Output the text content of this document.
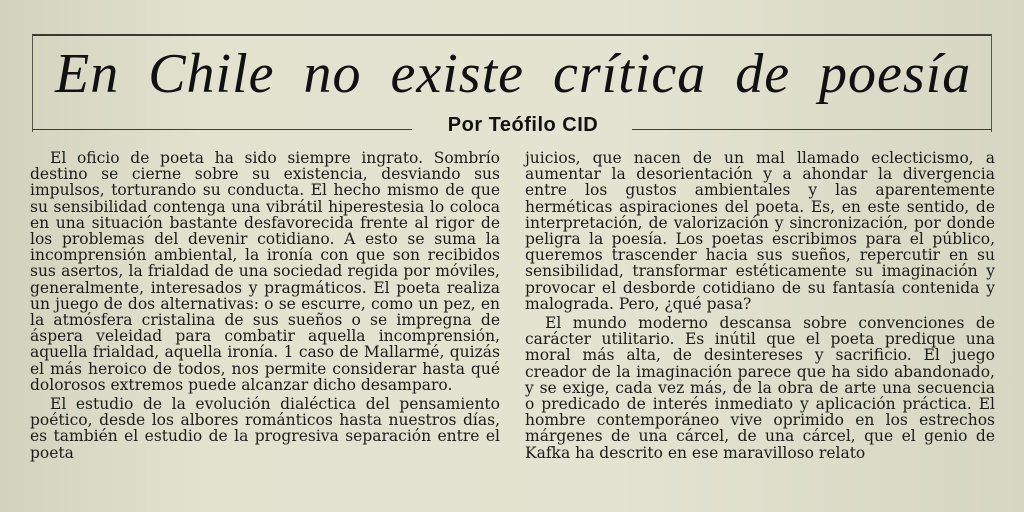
En Chile no existe crítica de poesía
Por Teófilo CID

El oficio de poeta ha sido siempre ingrato. Sombrío destino se cierne sobre su existencia, desviando sus impulsos, torturando su conducta. El hecho mismo de que su sensibilidad contenga una vibrátil hiperestesia lo coloca en una situación bastante desfavorecida frente al rigor de los problemas del devenir cotidiano. A esto se suma la incomprensión ambiental, la ironía con que son recibidos sus asertos, la frialdad de una sociedad regida por móviles, generalmente, interesados y pragmáticos. El poeta realiza un juego de dos alternativas: o se escurre, como un pez, en la atmósfera cristalina de sus sueños o se impregna de áspera veleidad para combatir aquella incomprensión, aquella frialdad, aquella ironía. 1 caso de Mallarmé, quizás el más heroico de todos, nos permite considerar hasta qué dolorosos extremos puede alcanzar dicho desamparo.

El estudio de la evolución dialéctica del pensamiento poético, desde los albores románticos hasta nuestros días, es también el estudio de la progresiva separación entre el poeta

juicios, que nacen de un mal llamado eclecticismo, a aumentar la desorientación y a ahondar la divergencia entre los gustos ambientales y las aparentemente herméticas aspiraciones del poeta. Es, en este sentido, de interpretación, de valorización y sincronización, por donde peligra la poesía. Los poetas escribimos para el público, queremos trascender hacia sus sueños, repercutir en su sensibilidad, transformar estéticamente su imaginación y provocar el desborde cotidiano de su fantasía contenida y malograda. Pero, ¿qué pasa?

El mundo moderno descansa sobre convenciones de carácter utilitario. Es inútil que el poeta predique una moral más alta, de desintereses y sacrificio. El juego creador de la imaginación parece que ha sido abandonado, y se exige, cada vez más, de la obra de arte una secuencia o predicado de interés inmediato y aplicación práctica. El hombre contemporáneo vive oprimido en los estrechos márgenes de una cárcel, de una cárcel, que el genio de Kafka ha descrito en ese maravilloso relato
